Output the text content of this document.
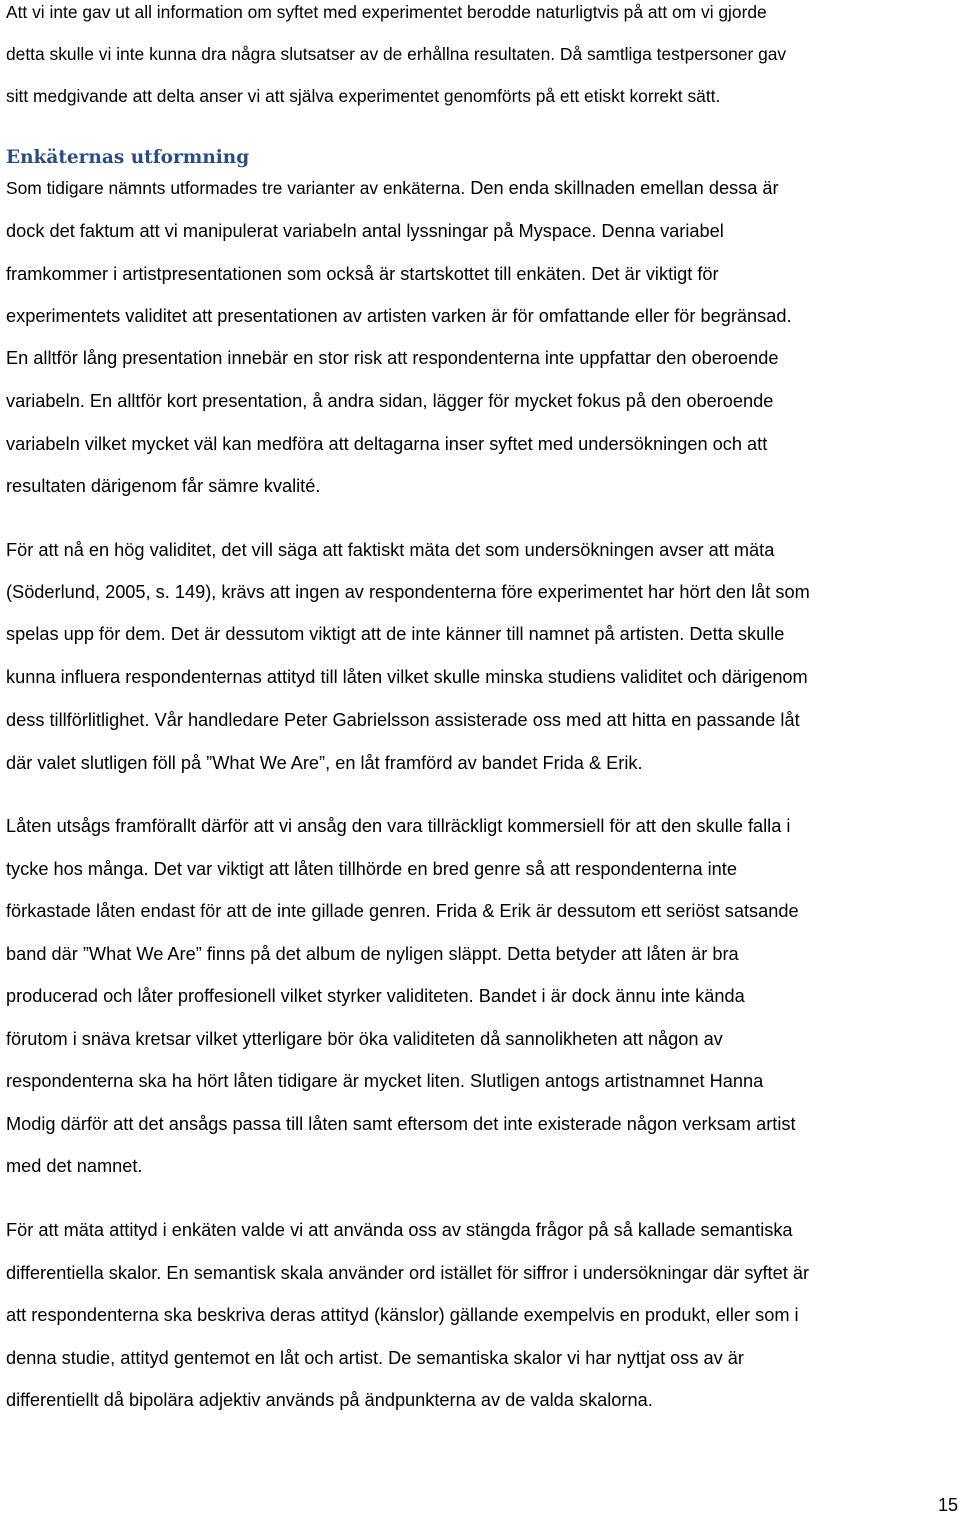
Att vi inte gav ut all information om syftet med experimentet berodde naturligtvis på att om vi gjorde
detta skulle vi inte kunna dra några slutsatser av de erhållna resultaten. Då samtliga testpersoner gav
sitt medgivande att delta anser vi att själva experimentet genomförts på ett etiskt korrekt sätt.
Enkäternas utformning
Som tidigare nämnts utformades tre varianter av enkäterna. Den enda skillnaden emellan dessa är
dock det faktum att vi manipulerat variabeln antal lyssningar på Myspace. Denna variabel
framkommer i artistpresentationen som också är startskottet till enkäten. Det är viktigt för
experimentets validitet att presentationen av artisten varken är för omfattande eller för begränsad.
En alltför lång presentation innebär en stor risk att respondenterna inte uppfattar den oberoende
variabeln. En alltför kort presentation, å andra sidan, lägger för mycket fokus på den oberoende
variabeln vilket mycket väl kan medföra att deltagarna inser syftet med undersökningen och att
resultaten därigenom får sämre kvalité.
För att nå en hög validitet, det vill säga att faktiskt mäta det som undersökningen avser att mäta
(Söderlund, 2005, s. 149), krävs att ingen av respondenterna före experimentet har hört den låt som
spelas upp för dem. Det är dessutom viktigt att de inte känner till namnet på artisten. Detta skulle
kunna influera respondenternas attityd till låten vilket skulle minska studiens validitet och därigenom
dess tillförlitlighet. Vår handledare Peter Gabrielsson assisterade oss med att hitta en passande låt
där valet slutligen föll på ”What We Are”, en låt framförd av bandet Frida & Erik.
Låten utsågs framförallt därför att vi ansåg den vara tillräckligt kommersiell för att den skulle falla i
tycke hos många. Det var viktigt att låten tillhörde en bred genre så att respondenterna inte
förkastade låten endast för att de inte gillade genren. Frida & Erik är dessutom ett seriöst satsande
band där ”What We Are” finns på det album de nyligen släppt. Detta betyder att låten är bra
producerad och låter proffesionell vilket styrker validiteten. Bandet i är dock ännu inte kända
förutom i snäva kretsar vilket ytterligare bör öka validiteten då sannolikheten att någon av
respondenterna ska ha hört låten tidigare är mycket liten. Slutligen antogs artistnamnet Hanna
Modig därför att det ansågs passa till låten samt eftersom det inte existerade någon verksam artist
med det namnet.
För att mäta attityd i enkäten valde vi att använda oss av stängda frågor på så kallade semantiska
differentiella skalor. En semantisk skala använder ord istället för siffror i undersökningar där syftet är
att respondenterna ska beskriva deras attityd (känslor) gällande exempelvis en produkt, eller som i
denna studie, attityd gentemot en låt och artist. De semantiska skalor vi har nyttjat oss av är
differentiellt då bipolära adjektiv används på ändpunkterna av de valda skalorna.
15
